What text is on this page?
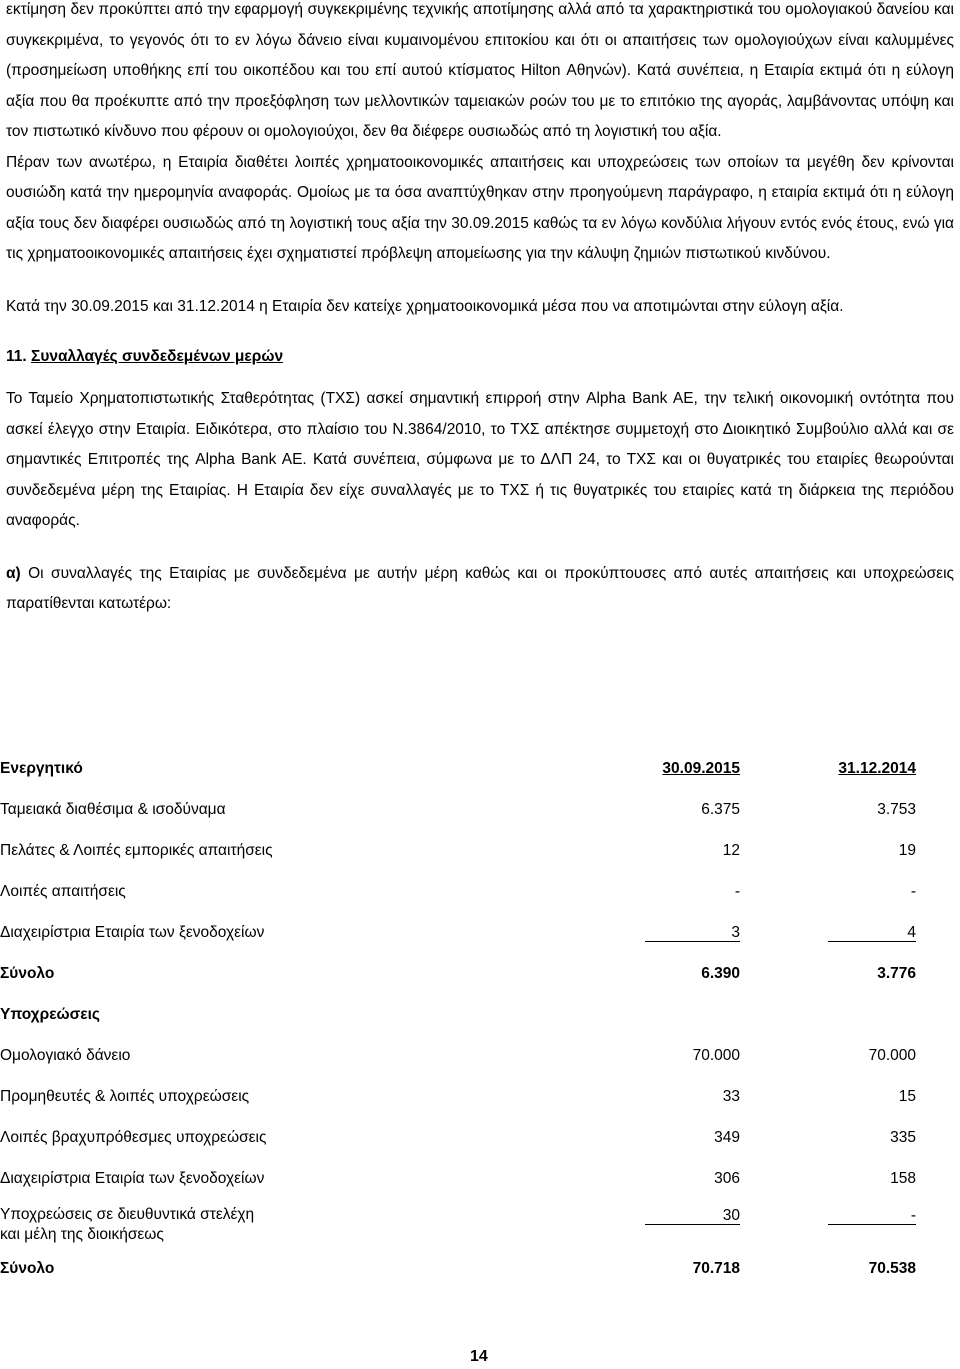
εκτίμηση δεν προκύπτει από την εφαρμογή συγκεκριμένης τεχνικής αποτίμησης αλλά από τα χαρακτηριστικά του ομολογιακού δανείου και συγκεκριμένα, το γεγονός ότι το εν λόγω δάνειο είναι κυμαινομένου επιτοκίου και ότι οι απαιτήσεις των ομολογιούχων είναι καλυμμένες (προσημείωση υποθήκης επί του οικοπέδου και του επί αυτού κτίσματος Hilton Αθηνών). Κατά συνέπεια, η Εταιρία εκτιμά ότι η εύλογη αξία που θα προέκυπτε από την προεξόφληση των μελλοντικών ταμειακών ροών του με το επιτόκιο της αγοράς, λαμβάνοντας υπόψη και τον πιστωτικό κίνδυνο που φέρουν οι ομολογιούχοι, δεν θα διέφερε ουσιωδώς από τη λογιστική του αξία.

Πέραν των ανωτέρω, η Εταιρία διαθέτει λοιπές χρηματοοικονομικές απαιτήσεις και υποχρεώσεις των οποίων τα μεγέθη δεν κρίνονται ουσιώδη κατά την ημερομηνία αναφοράς. Ομοίως με τα όσα αναπτύχθηκαν στην προηγούμενη παράγραφο, η εταιρία εκτιμά ότι η εύλογη αξία τους δεν διαφέρει ουσιωδώς από τη λογιστική τους αξία την 30.09.2015 καθώς τα εν λόγω κονδύλια λήγουν εντός ενός έτους, ενώ για τις χρηματοοικονομικές απαιτήσεις έχει σχηματιστεί πρόβλεψη απομείωσης για την κάλυψη ζημιών πιστωτικού κινδύνου.

Κατά την 30.09.2015 και 31.12.2014 η Εταιρία δεν κατείχε χρηματοοικονομικά μέσα που να αποτιμώνται στην εύλογη αξία.

11. Συναλλαγές συνδεδεμένων μερών

Το Ταμείο Χρηματοπιστωτικής Σταθερότητας (ΤΧΣ) ασκεί σημαντική επιρροή στην Alpha Bank AE, την τελική οικονομική οντότητα που ασκεί έλεγχο στην Εταιρία. Ειδικότερα, στο πλαίσιο του Ν.3864/2010, το ΤΧΣ απέκτησε συμμετοχή στο Διοικητικό Συμβούλιο αλλά και σε σημαντικές Επιτροπές της Alpha Bank AE. Κατά συνέπεια, σύμφωνα με το ΔΛΠ 24, το ΤΧΣ και οι θυγατρικές του εταιρίες θεωρούνται συνδεδεμένα μέρη της Εταιρίας. Η Εταιρία δεν είχε συναλλαγές με το ΤΧΣ ή τις θυγατρικές του εταιρίες κατά τη διάρκεια της περιόδου αναφοράς.

α) Οι συναλλαγές της Εταιρίας με συνδεδεμένα με αυτήν μέρη καθώς και οι προκύπτουσες από αυτές απαιτήσεις και υποχρεώσεις παρατίθενται κατωτέρω:

Ενεργητικό	30.09.2015	31.12.2014
Ταμειακά διαθέσιμα & ισοδύναμα	6.375	3.753
Πελάτες & Λοιπές εμπορικές απαιτήσεις	12	19
Λοιπές απαιτήσεις	-	-
Διαχειρίστρια Εταιρία των ξενοδοχείων	3	4
Σύνολο	6.390	3.776
Υποχρεώσεις		
Ομολογιακό δάνειο	70.000	70.000
Προμηθευτές & λοιπές υποχρεώσεις	33	15
Λοιπές βραχυπρόθεσμες υποχρεώσεις	349	335
Διαχειρίστρια Εταιρία των ξενοδοχείων	306	158
Υποχρεώσεις σε διευθυντικά στελέχη
και μέλη της διοικήσεως	30	-
Σύνολο	70.718	70.538
14
